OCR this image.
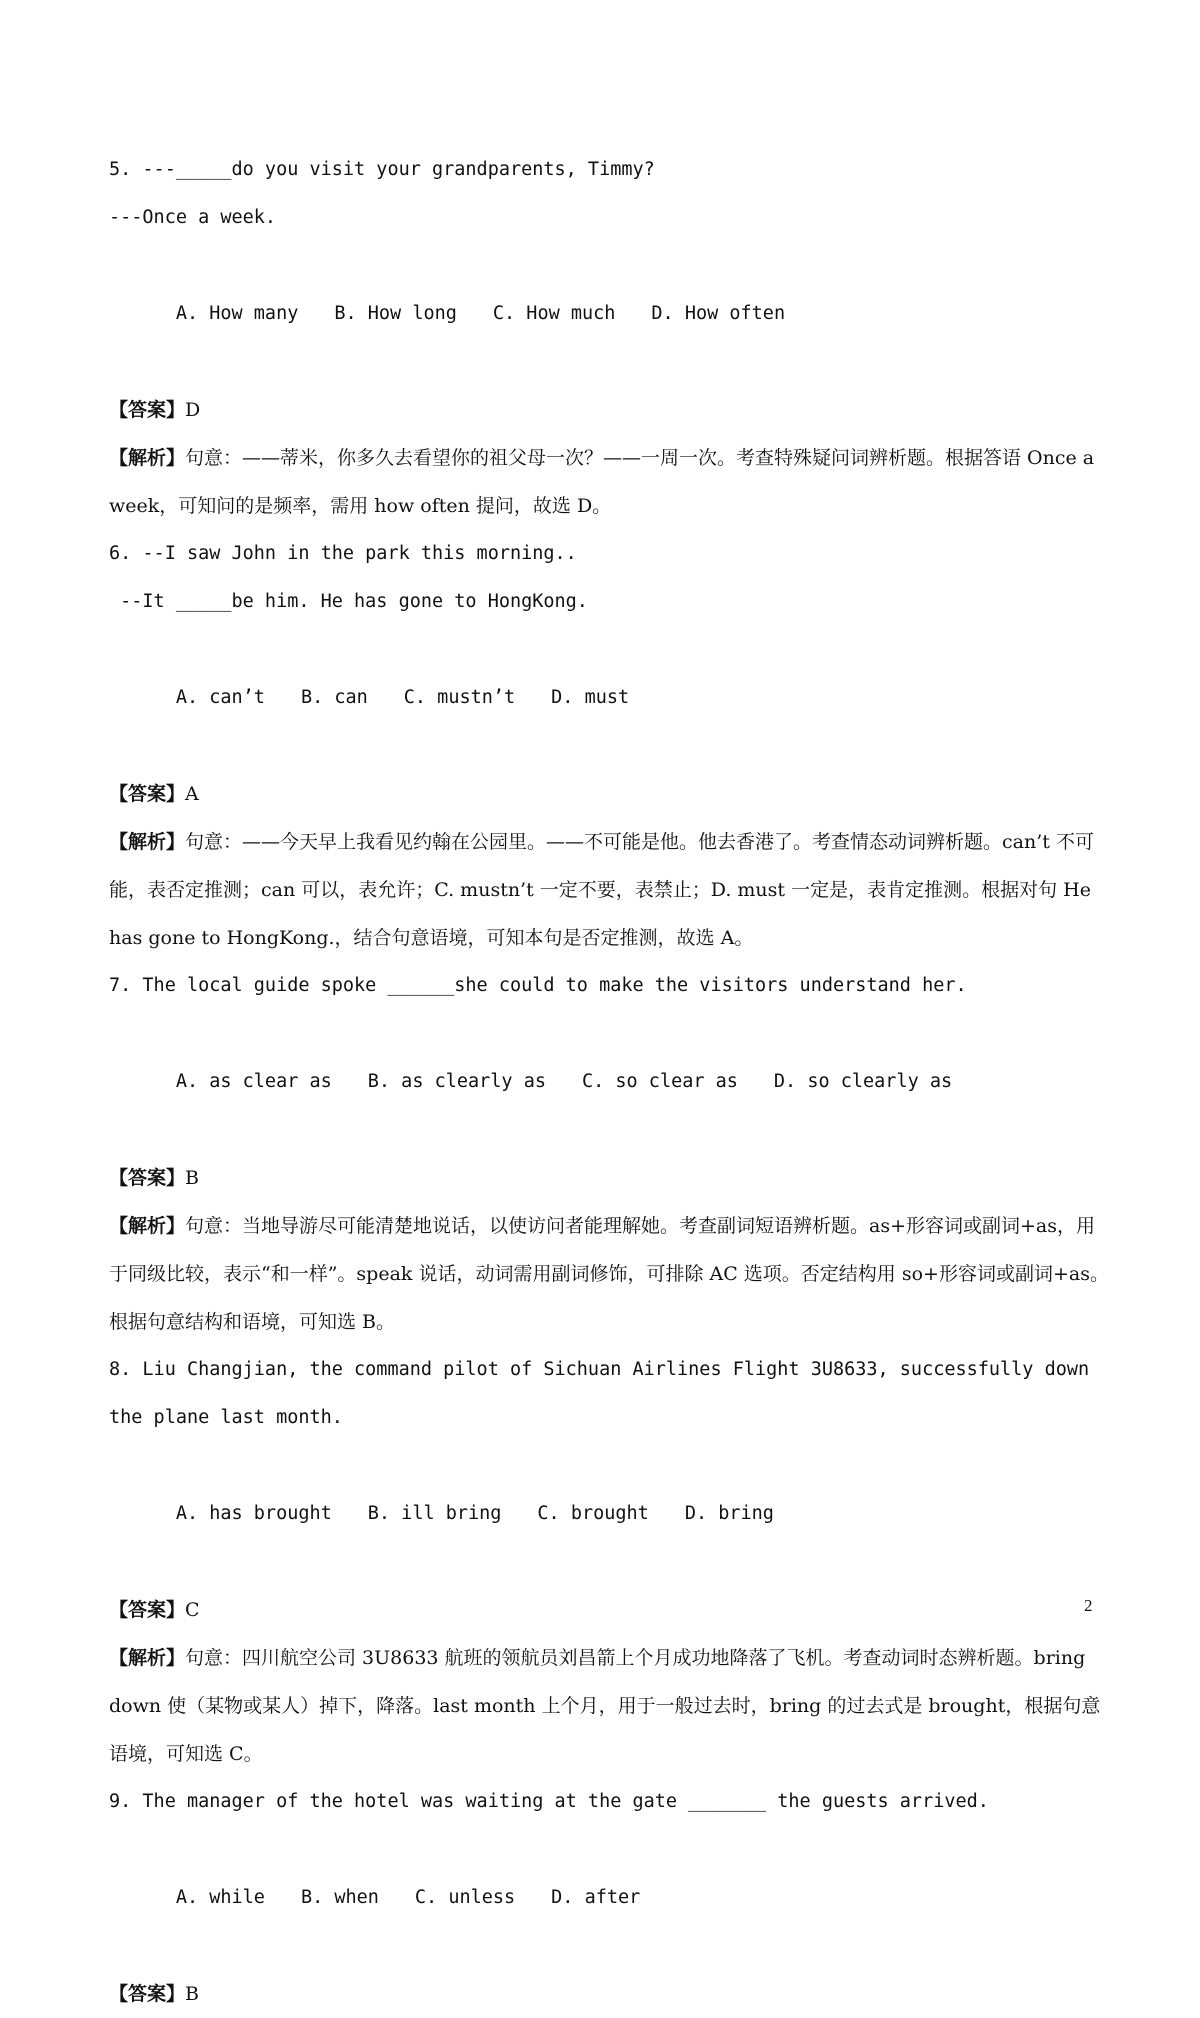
5. ---_____do you visit your grandparents, Timmy?

---Once a week.

A. How many B. How long C. How much D. How often

【答案】D

【解析】句意：——蒂米，你多久去看望你的祖父母一次？——一周一次。考查特殊疑问词辨析题。根据答语 Once a week，可知问的是频率，需用 how often 提问，故选 D。

6. --I saw John in the park this morning..

--It _____be him. He has gone to HongKong.

A. can’t B. can C. mustn’t D. must

【答案】A

【解析】句意：——今天早上我看见约翰在公园里。——不可能是他。他去香港了。考查情态动词辨析题。can’t 不可能，表否定推测；can 可以，表允许；C. mustn’t 一定不要，表禁止；D. must 一定是，表肯定推测。根据对句 He has gone to HongKong.，结合句意语境，可知本句是否定推测，故选 A。

7. The local guide spoke ______she could to make the visitors understand her.

A. as clear as B. as clearly as C. so clear as D. so clearly as

【答案】B

【解析】句意：当地导游尽可能清楚地说话，以使访问者能理解她。考查副词短语辨析题。as+形容词或副词+as，用于同级比较，表示“和一样”。speak 说话，动词需用副词修饰，可排除 AC 选项。否定结构用 so+形容词或副词+as。根据句意结构和语境，可知选 B。

8. Liu Changjian, the command pilot of Sichuan Airlines Flight 3U8633, successfully down the plane last month.

A. has brought B. ill bring C. brought D. bring

【答案】C

【解析】句意：四川航空公司 3U8633 航班的领航员刘昌箭上个月成功地降落了飞机。考查动词时态辨析题。bring down 使（某物或某人）掉下，降落。last month 上个月，用于一般过去时，bring 的过去式是 brought，根据句意语境，可知选 C。

9. The manager of the hotel was waiting at the gate _______ the guests arrived.

A. while B. when C. unless D. after

【答案】B

2
